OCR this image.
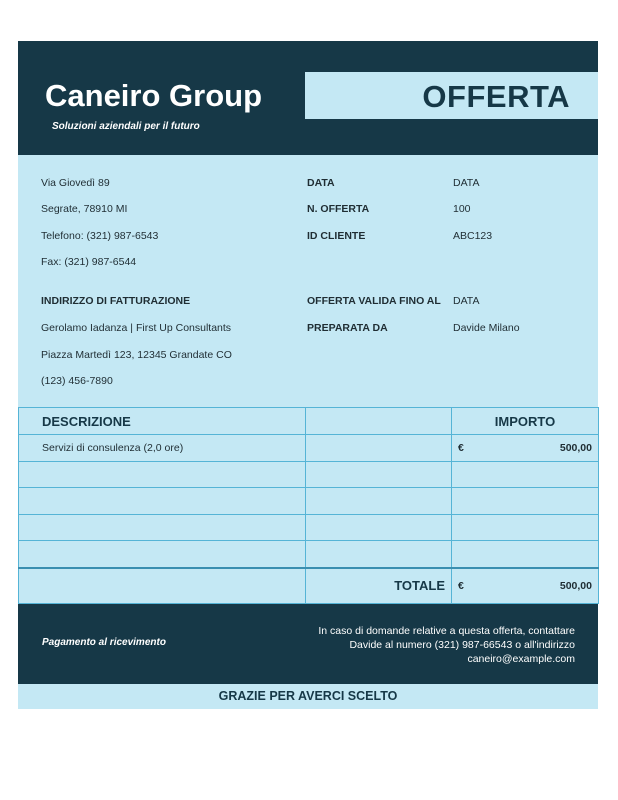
Caneiro Group
Soluzioni aziendali per il futuro
OFFERTA
Via Giovedì 89
Segrate, 78910 MI
Telefono: (321) 987-6543
Fax: (321) 987-6544
DATA	DATA
N. OFFERTA	100
ID CLIENTE	ABC123
INDIRIZZO DI FATTURAZIONE
Gerolamo Iadanza | First Up Consultants
Piazza Martedì 123, 12345 Grandate CO
(123) 456-7890
OFFERTA VALIDA FINO AL DATA
PREPARATA DA	Davide Milano
DESCRIZIONE		IMPORTO
Servizi di consulenza (2,0 ore)		€ 500,00

	TOTALE	€ 500,00
Pagamento al ricevimento
In caso di domande relative a questa offerta, contattare
Davide al numero (321) 987-66543 o all'indirizzo
caneiro@example.com
GRAZIE PER AVERCI SCELTO
